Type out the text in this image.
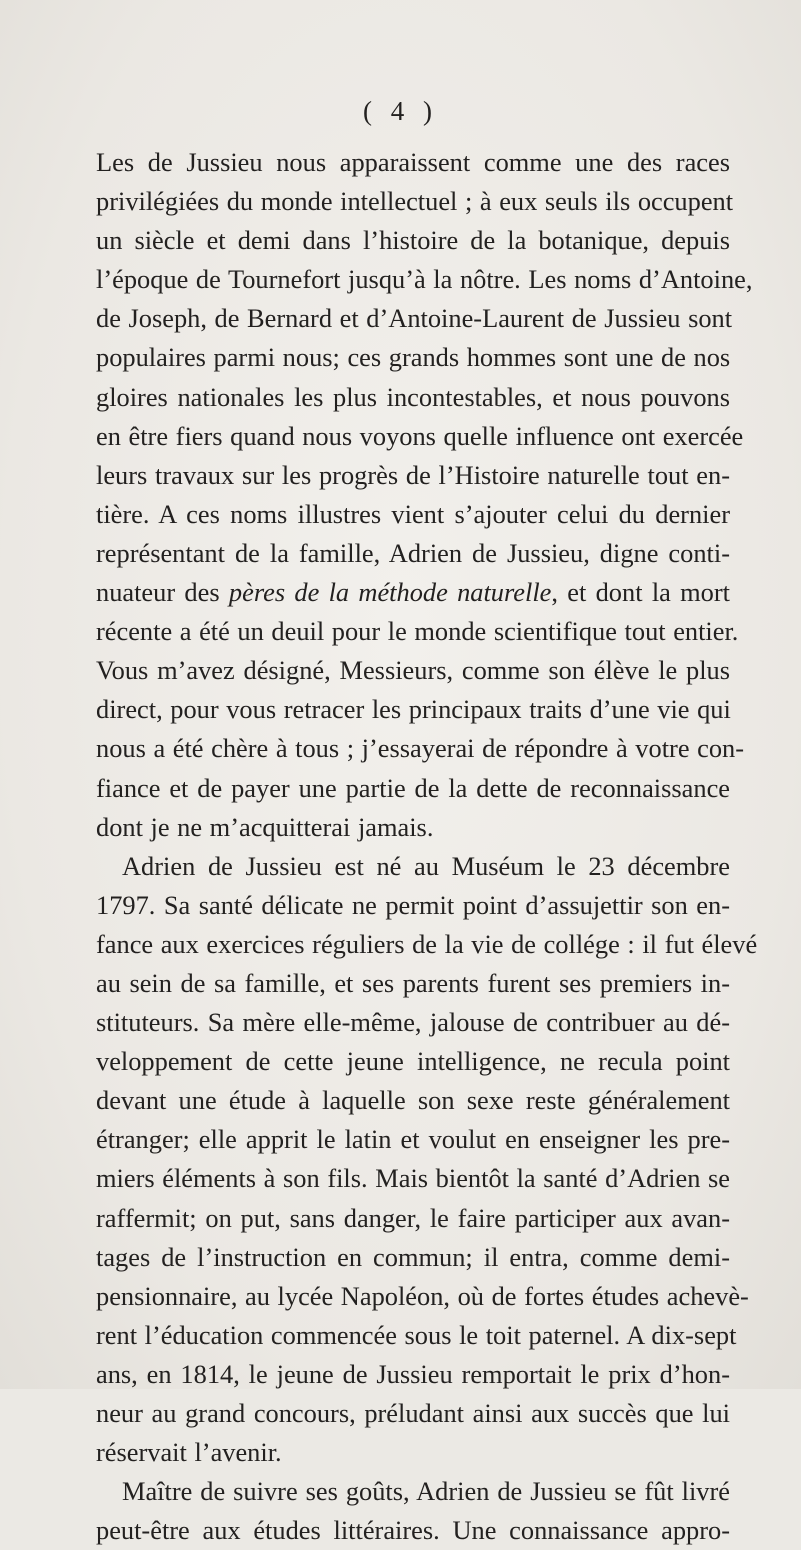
( 4 )
Les de Jussieu nous apparaissent comme une des races
privilégiées du monde intellectuel ; à eux seuls ils occupent
un siècle et demi dans l’histoire de la botanique, depuis
l’époque de Tournefort jusqu’à la nôtre. Les noms d’Antoine,
de Joseph, de Bernard et d’Antoine-Laurent de Jussieu sont
populaires parmi nous; ces grands hommes sont une de nos
gloires nationales les plus incontestables, et nous pouvons
en être fiers quand nous voyons quelle influence ont exercée
leurs travaux sur les progrès de l’Histoire naturelle tout en-
tière. A ces noms illustres vient s’ajouter celui du dernier
représentant de la famille, Adrien de Jussieu, digne conti-
nuateur des pères de la méthode naturelle, et dont la mort
récente a été un deuil pour le monde scientifique tout entier.
Vous m’avez désigné, Messieurs, comme son élève le plus
direct, pour vous retracer les principaux traits d’une vie qui
nous a été chère à tous ; j’essayerai de répondre à votre con-
fiance et de payer une partie de la dette de reconnaissance
dont je ne m’acquitterai jamais.
Adrien de Jussieu est né au Muséum le 23 décembre
1797. Sa santé délicate ne permit point d’assujettir son en-
fance aux exercices réguliers de la vie de collége : il fut élevé
au sein de sa famille, et ses parents furent ses premiers in-
stituteurs. Sa mère elle-même, jalouse de contribuer au dé-
veloppement de cette jeune intelligence, ne recula point
devant une étude à laquelle son sexe reste généralement
étranger; elle apprit le latin et voulut en enseigner les pre-
miers éléments à son fils. Mais bientôt la santé d’Adrien se
raffermit; on put, sans danger, le faire participer aux avan-
tages de l’instruction en commun; il entra, comme demi-
pensionnaire, au lycée Napoléon, où de fortes études achevè-
rent l’éducation commencée sous le toit paternel. A dix-sept
ans, en 1814, le jeune de Jussieu remportait le prix d’hon-
neur au grand concours, préludant ainsi aux succès que lui
réservait l’avenir.
Maître de suivre ses goûts, Adrien de Jussieu se fût livré
peut-être aux études littéraires. Une connaissance appro-
